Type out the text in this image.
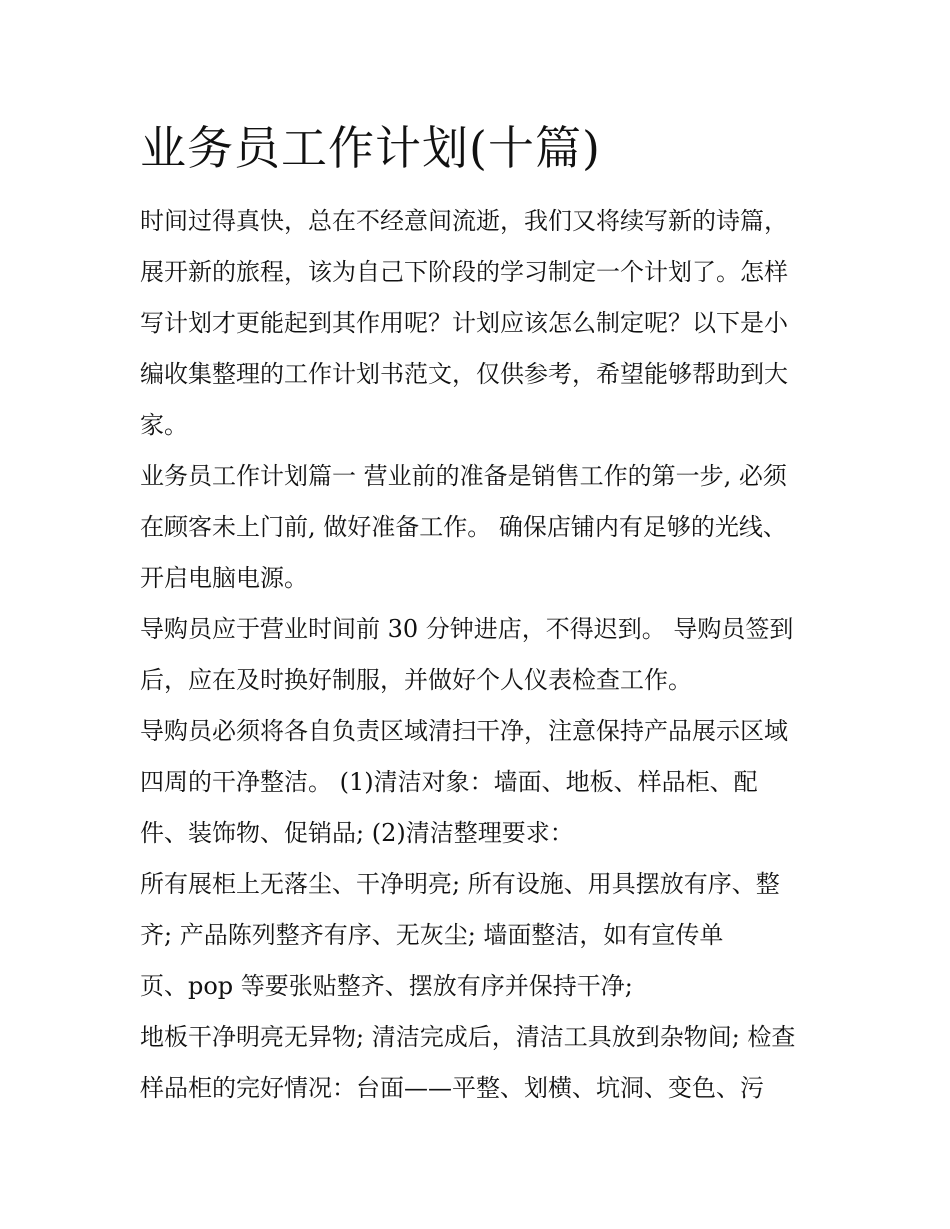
业务员工作计划(十篇)
时间过得真快，总在不经意间流逝，我们又将续写新的诗篇，
展开新的旅程，该为自己下阶段的学习制定一个计划了。怎样
写计划才更能起到其作用呢？计划应该怎么制定呢？以下是小
编收集整理的工作计划书范文，仅供参考，希望能够帮助到大
家。
业务员工作计划篇一 营业前的准备是销售工作的第一步, 必须
在顾客未上门前, 做好准备工作。 确保店铺内有足够的光线、
开启电脑电源。
导购员应于营业时间前 30 分钟进店，不得迟到。 导购员签到
后，应在及时换好制服，并做好个人仪表检查工作。
导购员必须将各自负责区域清扫干净，注意保持产品展示区域
四周的干净整洁。 (1)清洁对象：墙面、地板、样品柜、配
件、装饰物、促销品; (2)清洁整理要求：
所有展柜上无落尘、干净明亮; 所有设施、用具摆放有序、整
齐; 产品陈列整齐有序、无灰尘; 墙面整洁，如有宣传单
页、pop 等要张贴整齐、摆放有序并保持干净;
地板干净明亮无异物; 清洁完成后，清洁工具放到杂物间; 检查
样品柜的完好情况：台面——平整、划横、坑洞、变色、污
